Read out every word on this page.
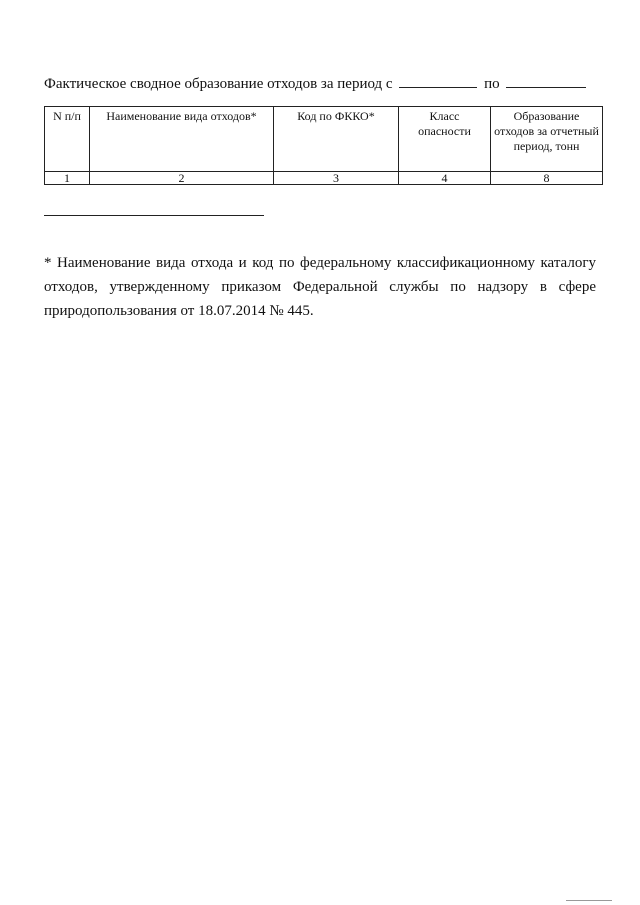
Фактическое сводное образование отходов за период с	по
N п/п	Наименование вида отходов*	Код по ФККО*	Класс опасности	Образование отходов за отчетный период, тонн
1	2	3	4	8

* Наименование вида отхода и код по федеральному классификационному каталогу отходов, утвержденному приказом Федеральной службы по надзору в сфере природопользования от 18.07.2014 № 445.
